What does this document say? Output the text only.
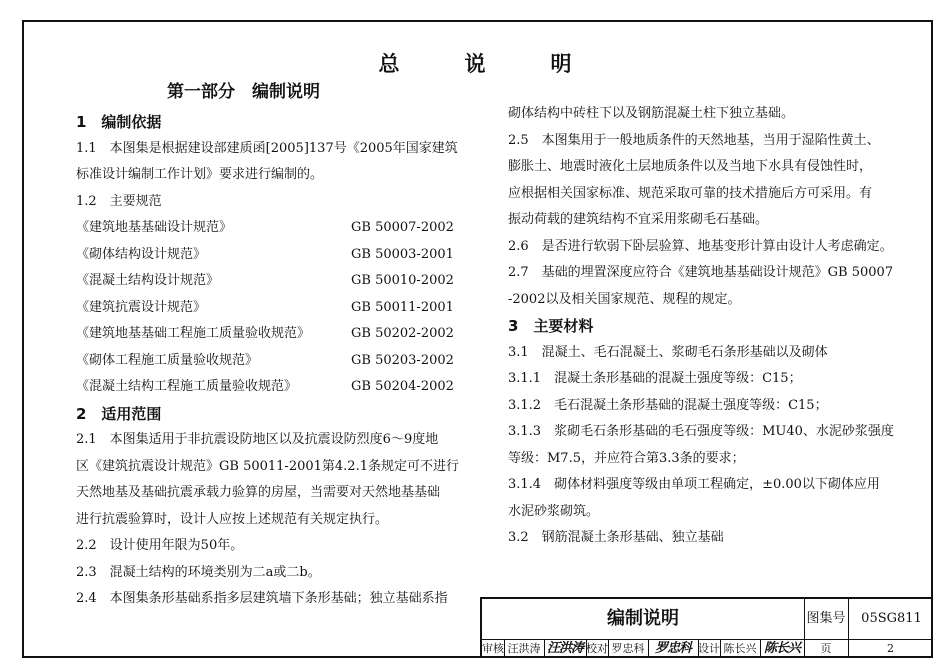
总　说　明
第一部分　编制说明
1　编制依据
1.1　本图集是根据建设部建质函[2005]137号《2005年国家建筑
标准设计编制工作计划》要求进行编制的。
1.2　主要规范
《建筑地基基础设计规范》	GB 50007-2002
《砌体结构设计规范》	GB 50003-2001
《混凝土结构设计规范》	GB 50010-2002
《建筑抗震设计规范》	GB 50011-2001
《建筑地基基础工程施工质量验收规范》	GB 50202-2002
《砌体工程施工质量验收规范》	GB 50203-2002
《混凝土结构工程施工质量验收规范》	GB 50204-2002
2　适用范围
2.1　本图集适用于非抗震设防地区以及抗震设防烈度6～9度地
区《建筑抗震设计规范》GB 50011-2001第4.2.1条规定可不进行
天然地基及基础抗震承载力验算的房屋，当需要对天然地基基础
进行抗震验算时，设计人应按上述规范有关规定执行。
2.2　设计使用年限为50年。
2.3　混凝土结构的环境类别为二a或二b。
2.4　本图集条形基础系指多层建筑墙下条形基础；独立基础系指
砌体结构中砖柱下以及钢筋混凝土柱下独立基础。
2.5　本图集用于一般地质条件的天然地基，当用于湿陷性黄土、
膨胀土、地震时液化土层地质条件以及当地下水具有侵蚀性时，
应根据相关国家标准、规范采取可靠的技术措施后方可采用。有
振动荷载的建筑结构不宜采用浆砌毛石基础。
2.6　是否进行软弱下卧层验算、地基变形计算由设计人考虑确定。
2.7　基础的埋置深度应符合《建筑地基基础设计规范》GB 50007
-2002以及相关国家规范、规程的规定。
3　主要材料
3.1　混凝土、毛石混凝土、浆砌毛石条形基础以及砌体
3.1.1　混凝土条形基础的混凝土强度等级：C15；
3.1.2　毛石混凝土条形基础的混凝土强度等级：C15；
3.1.3　浆砌毛石条形基础的毛石强度等级：MU40、水泥砂浆强度
等级：M7.5，并应符合第3.3条的要求；
3.1.4　砌体材料强度等级由单项工程确定，±0.00以下砌体应用
水泥砂浆砌筑。
3.2　钢筋混凝土条形基础、独立基础
编制说明	图集号	05SG811
审核 汪洪涛 汪洪涛 校对 罗忠科 罗忠科 设计 陈长兴 陈长兴	页	2
